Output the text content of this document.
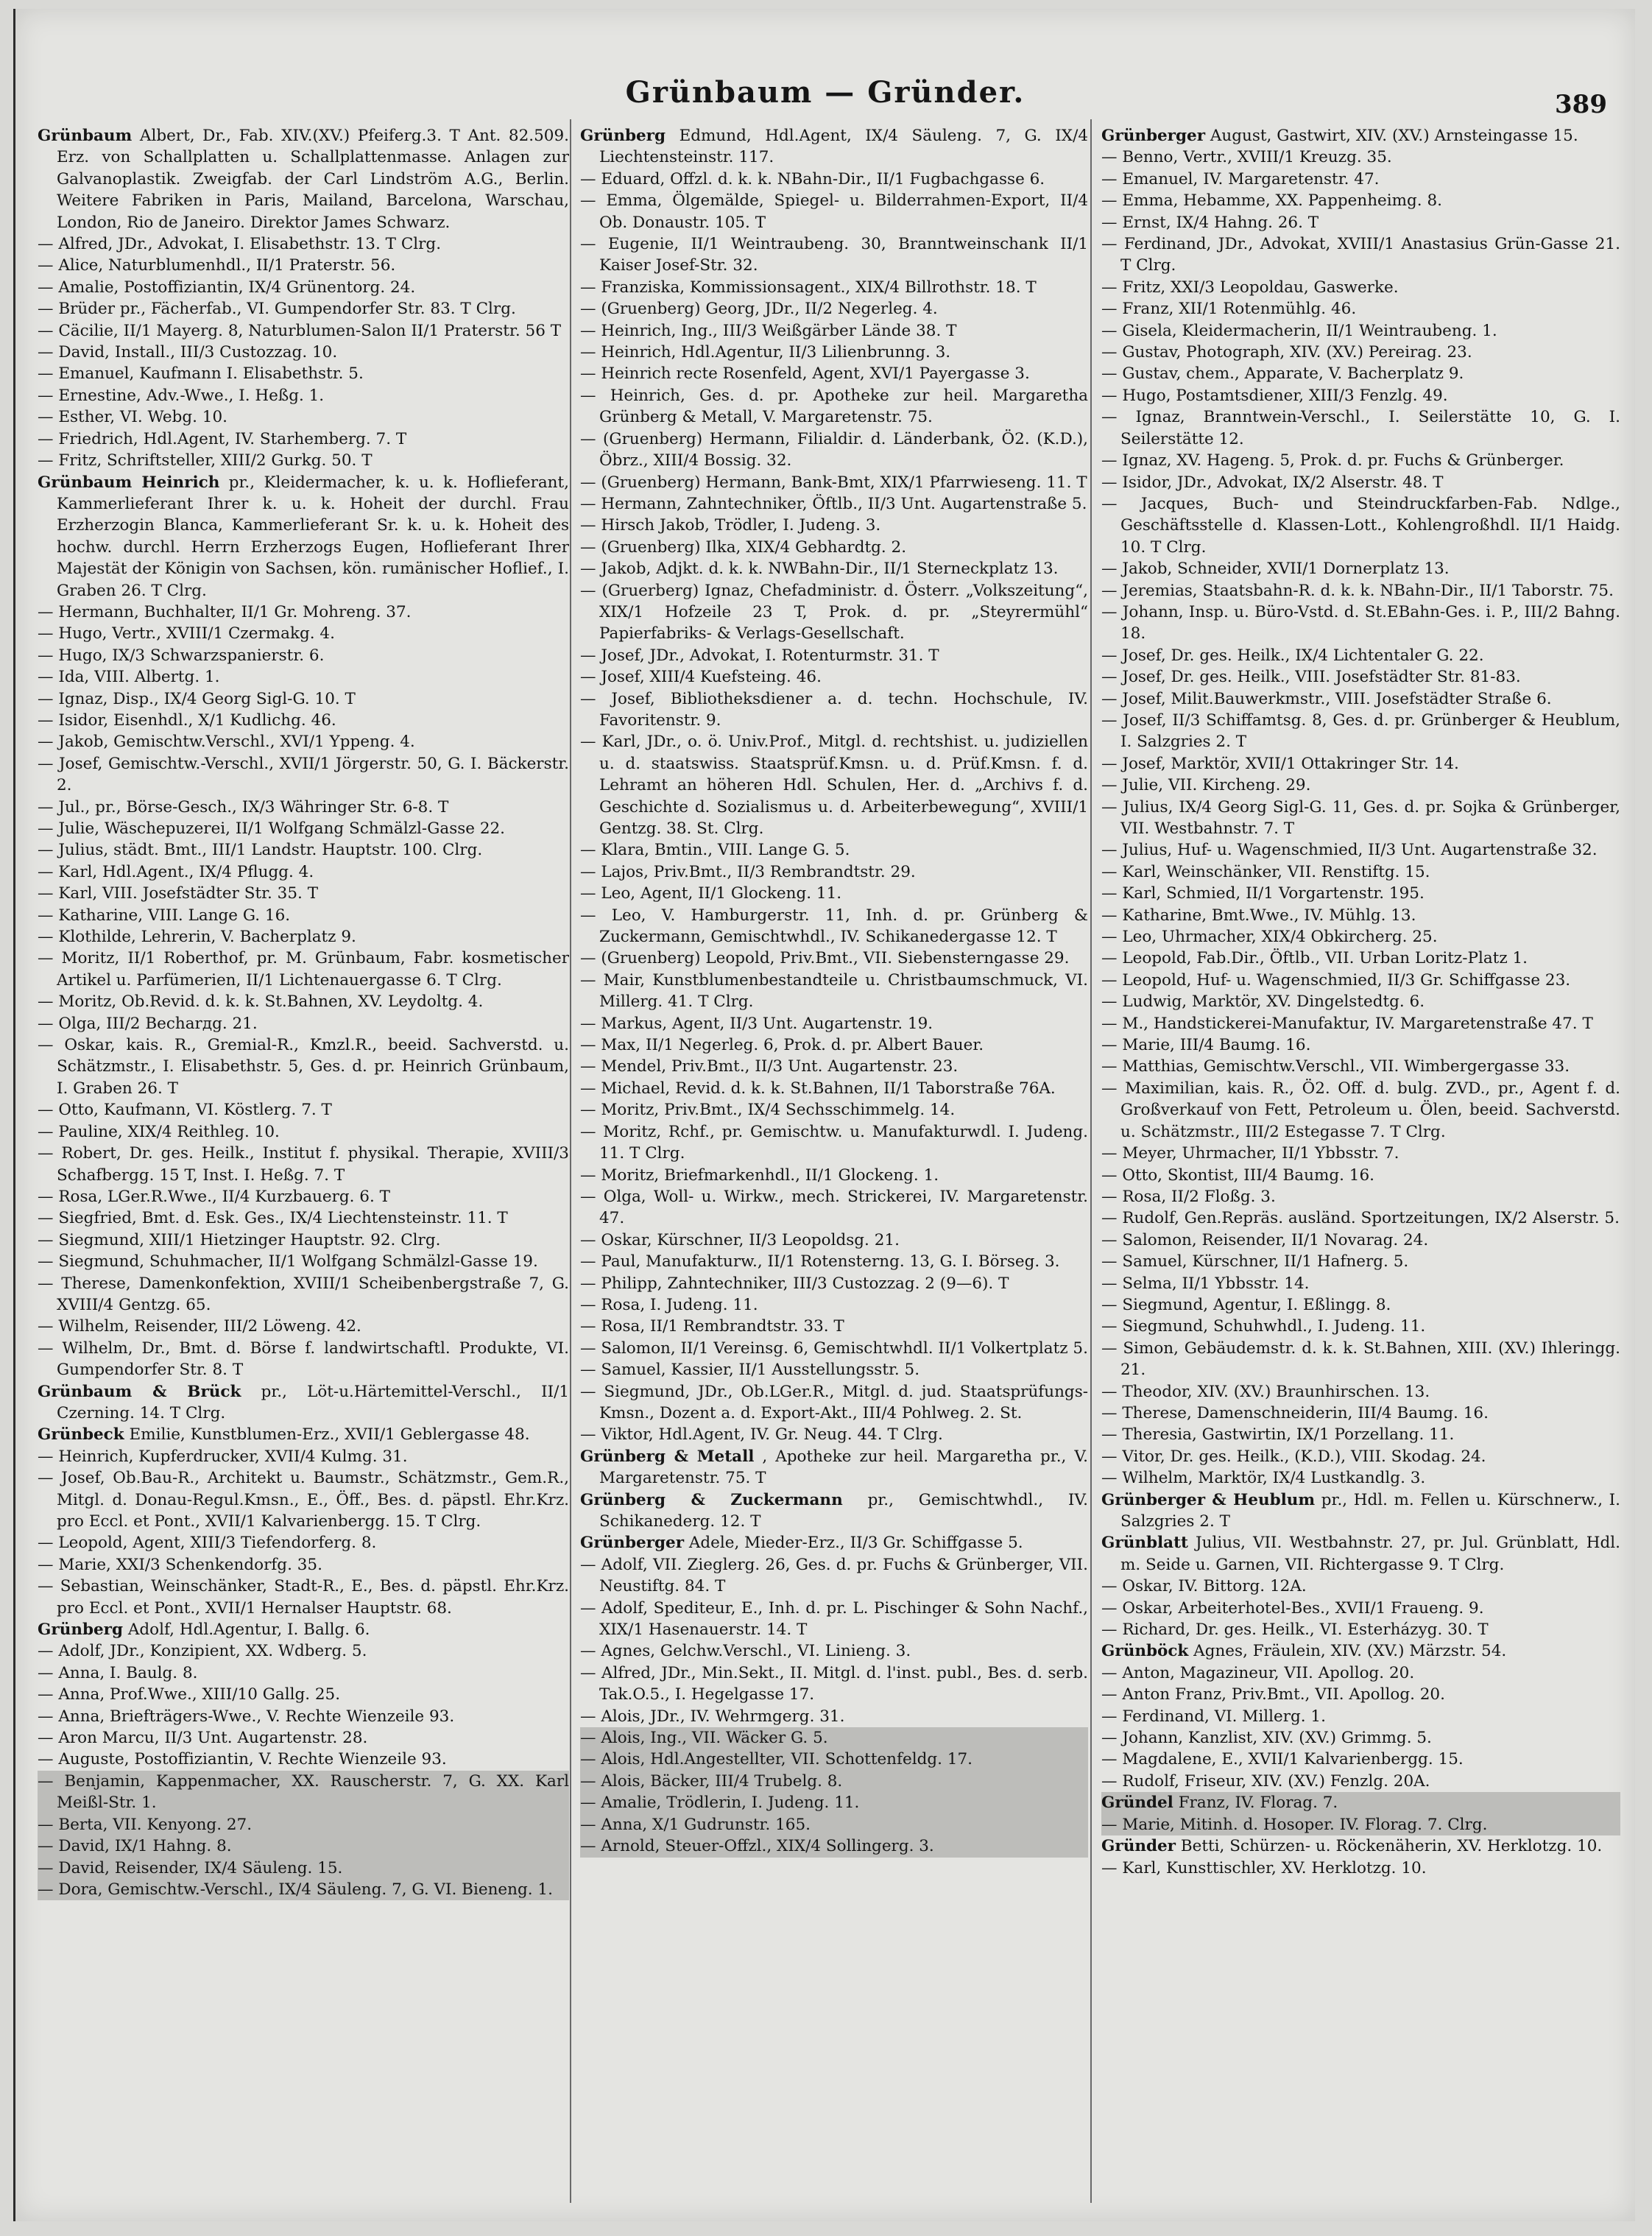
Grünbaum — Gründer.	389

Grünbaum Albert, Dr., Fab. XIV.(XV.) Pfeiferg.3. T Ant. 82.509. Erz. von Schallplatten u. Schallplattenmasse. Anlagen zur Galvanoplastik. Zweigfab. der Carl Lindström A.G., Berlin. Weitere Fabriken in Paris, Mailand, Barcelona, Warschau, London, Rio de Janeiro. Direktor James Schwarz.

— Alfred, JDr., Advokat, I. Elisabethstr. 13. T Clrg.

— Alice, Naturblumenhdl., II/1 Praterstr. 56.

— Amalie, Postoffiziantin, IX/4 Grünentorg. 24.

— Brüder pr., Fächerfab., VI. Gumpendorfer Str. 83. T Clrg.

— Cäcilie, II/1 Mayerg. 8, Naturblumen-Salon II/1 Praterstr. 56 T

— David, Install., III/3 Custozzag. 10.

— Emanuel, Kaufmann I. Elisabethstr. 5.

— Ernestine, Adv.-Wwe., I. Heßg. 1.

— Esther, VI. Webg. 10.

— Friedrich, Hdl.Agent, IV. Starhemberg. 7. T

— Fritz, Schriftsteller, XIII/2 Gurkg. 50. T

Grünbaum Heinrich pr., Kleidermacher, k. u. k. Hoflieferant, Kammerlieferant Ihrer k. u. k. Hoheit der durchl. Frau Erzherzogin Blanca, Kammerlieferant Sr. k. u. k. Hoheit des hochw. durchl. Herrn Erzherzogs Eugen, Hoflieferant Ihrer Majestät der Königin von Sachsen, kön. rumänischer Hoflief., I. Graben 26. T Clrg.

— Hermann, Buchhalter, II/1 Gr. Mohreng. 37.

— Hugo, Vertr., XVIII/1 Czermakg. 4.

— Hugo, IX/3 Schwarzspanierstr. 6.

— Ida, VIII. Albertg. 1.

— Ignaz, Disp., IX/4 Georg Sigl-G. 10. T

— Isidor, Eisenhdl., X/1 Kudlichg. 46.

— Jakob, Gemischtw.Verschl., XVI/1 Yppeng. 4.

— Josef, Gemischtw.-Verschl., XVII/1 Jörgerstr. 50, G. I. Bäckerstr. 2.

— Jul., pr., Börse-Gesch., IX/3 Währinger Str. 6-8. T

— Julie, Wäschepuzerei, II/1 Wolfgang Schmälzl-Gasse 22.

— Julius, städt. Bmt., III/1 Landstr. Hauptstr. 100. Clrg.

— Karl, Hdl.Agent., IX/4 Pflugg. 4.

— Karl, VIII. Josefstädter Str. 35. T

— Katharine, VIII. Lange G. 16.

— Klothilde, Lehrerin, V. Bacherplatz 9.

— Moritz, II/1 Roberthof, pr. M. Grünbaum, Fabr. kosmetischer Artikel u. Parfümerien, II/1 Lichtenauergasse 6. T Clrg.

— Moritz, Ob.Revid. d. k. k. St.Bahnen, XV. Leydoltg. 4.

— Olga, III/2 Becharдg. 21.

— Oskar, kais. R., Gremial-R., Kmzl.R., beeid. Sachverstd. u. Schätzmstr., I. Elisabethstr. 5, Ges. d. pr. Heinrich Grünbaum, I. Graben 26. T

— Otto, Kaufmann, VI. Köstlerg. 7. T

— Pauline, XIX/4 Reithleg. 10.

— Robert, Dr. ges. Heilk., Institut f. physikal. Therapie, XVIII/3 Schafbergg. 15 T, Inst. I. Heßg. 7. T

— Rosa, LGer.R.Wwe., II/4 Kurzbauerg. 6. T

— Siegfried, Bmt. d. Esk. Ges., IX/4 Liechtensteinstr. 11. T

— Siegmund, XIII/1 Hietzinger Hauptstr. 92. Clrg.

— Siegmund, Schuhmacher, II/1 Wolfgang Schmälzl-Gasse 19.

— Therese, Damenkonfektion, XVIII/1 Scheibenbergstraße 7, G. XVIII/4 Gentzg. 65.

— Wilhelm, Reisender, III/2 Löweng. 42.

— Wilhelm, Dr., Bmt. d. Börse f. landwirtschaftl. Produkte, VI. Gumpendorfer Str. 8. T

Grünbaum & Brück pr., Löt-u.Härtemittel-Verschl., II/1 Czerning. 14. T Clrg.

Grünbeck Emilie, Kunstblumen-Erz., XVII/1 Geblergasse 48.

— Heinrich, Kupferdrucker, XVII/4 Kulmg. 31.

— Josef, Ob.Bau-R., Architekt u. Baumstr., Schätzmstr., Gem.R., Mitgl. d. Donau-Regul.Kmsn., E., Öff., Bes. d. päpstl. Ehr.Krz. pro Eccl. et Pont., XVII/1 Kalvarienbergg. 15. T Clrg.

— Leopold, Agent, XIII/3 Tiefendorferg. 8.

— Marie, XXI/3 Schenkendorfg. 35.

— Sebastian, Weinschänker, Stadt-R., E., Bes. d. päpstl. Ehr.Krz. pro Eccl. et Pont., XVII/1 Hernalser Hauptstr. 68.

Grünberg Adolf, Hdl.Agentur, I. Ballg. 6.

— Adolf, JDr., Konzipient, XX. Wdberg. 5.

— Anna, I. Baulg. 8.

— Anna, Prof.Wwe., XIII/10 Gallg. 25.

— Anna, Briefträgers-Wwe., V. Rechte Wienzeile 93.

— Aron Marcu, II/3 Unt. Augartenstr. 28.

— Auguste, Postoffiziantin, V. Rechte Wienzeile 93.

— Benjamin, Kappenmacher, XX. Rauscherstr. 7, G. XX. Karl Meißl-Str. 1.

— Berta, VII. Kenyong. 27.

— David, IX/1 Hahng. 8.

— David, Reisender, IX/4 Säuleng. 15.

— Dora, Gemischtw.-Verschl., IX/4 Säuleng. 7, G. VI. Bieneng. 1.

Grünberg Edmund, Hdl.Agent, IX/4 Säuleng. 7, G. IX/4 Liechtensteinstr. 117.

— Eduard, Offzl. d. k. k. NBahn-Dir., II/1 Fugbachgasse 6.

— Emma, Ölgemälde, Spiegel- u. Bilderrahmen-Export, II/4 Ob. Donaustr. 105. T

— Eugenie, II/1 Weintraubeng. 30, Branntweinschank II/1 Kaiser Josef-Str. 32.

— Franziska, Kommissionsagent., XIX/4 Billrothstr. 18. T

— (Gruenberg) Georg, JDr., II/2 Negerleg. 4.

— Heinrich, Ing., III/3 Weißgärber Lände 38. T

— Heinrich, Hdl.Agentur, II/3 Lilienbrunng. 3.

— Heinrich recte Rosenfeld, Agent, XVI/1 Payergasse 3.

— Heinrich, Ges. d. pr. Apotheke zur heil. Margaretha Grünberg & Metall, V. Margaretenstr. 75.

— (Gruenberg) Hermann, Filialdir. d. Länderbank, Ö2. (K.D.), Öbrz., XIII/4 Bossig. 32.

— (Gruenberg) Hermann, Bank-Bmt, XIX/1 Pfarrwieseng. 11. T

— Hermann, Zahntechniker, Öftlb., II/3 Unt. Augartenstraße 5.

— Hirsch Jakob, Trödler, I. Judeng. 3.

— (Gruenberg) Ilka, XIX/4 Gebhardtg. 2.

— Jakob, Adjkt. d. k. k. NWBahn-Dir., II/1 Sterneckplatz 13.

— (Gruerberg) Ignaz, Chefadministr. d. Österr. „Volkszeitung“, XIX/1 Hofzeile 23 T, Prok. d. pr. „Steyrermühl“ Papierfabriks- & Verlags-Gesellschaft.

— Josef, JDr., Advokat, I. Rotenturmstr. 31. T

— Josef, XIII/4 Kuefsteing. 46.

— Josef, Bibliotheksdiener a. d. techn. Hochschule, IV. Favoritenstr. 9.

— Karl, JDr., o. ö. Univ.Prof., Mitgl. d. rechtshist. u. judiziellen u. d. staatswiss. Staatsprüf.Kmsn. u. d. Prüf.Kmsn. f. d. Lehramt an höheren Hdl. Schulen, Her. d. „Archivs f. d. Geschichte d. Sozialismus u. d. Arbeiterbewegung“, XVIII/1 Gentzg. 38. St. Clrg.

— Klara, Bmtin., VIII. Lange G. 5.

— Lajos, Priv.Bmt., II/3 Rembrandtstr. 29.

— Leo, Agent, II/1 Glockeng. 11.

— Leo, V. Hamburgerstr. 11, Inh. d. pr. Grünberg & Zuckermann, Gemischtwhdl., IV. Schikanedergasse 12. T

— (Gruenberg) Leopold, Priv.Bmt., VII. Siebensterngasse 29.

— Mair, Kunstblumenbestandteile u. Christbaumschmuck, VI. Millerg. 41. T Clrg.

— Markus, Agent, II/3 Unt. Augartenstr. 19.

— Max, II/1 Negerleg. 6, Prok. d. pr. Albert Bauer.

— Mendel, Priv.Bmt., II/3 Unt. Augartenstr. 23.

— Michael, Revid. d. k. k. St.Bahnen, II/1 Taborstraße 76A.

— Moritz, Priv.Bmt., IX/4 Sechsschimmelg. 14.

— Moritz, Rchf., pr. Gemischtw. u. Manufakturwdl. I. Judeng. 11. T Clrg.

— Moritz, Briefmarkenhdl., II/1 Glockeng. 1.

— Olga, Woll- u. Wirkw., mech. Strickerei, IV. Margaretenstr. 47.

— Oskar, Kürschner, II/3 Leopoldsg. 21.

— Paul, Manufakturw., II/1 Rotensterng. 13, G. I. Börseg. 3.

— Philipp, Zahntechniker, III/3 Custozzag. 2 (9—6). T

— Rosa, I. Judeng. 11.

— Rosa, II/1 Rembrandtstr. 33. T

— Salomon, II/1 Vereinsg. 6, Gemischtwhdl. II/1 Volkertplatz 5.

— Samuel, Kassier, II/1 Ausstellungsstr. 5.

— Siegmund, JDr., Ob.LGer.R., Mitgl. d. jud. Staatsprüfungs-Kmsn., Dozent a. d. Export-Akt., III/4 Pohlweg. 2. St.

— Viktor, Hdl.Agent, IV. Gr. Neug. 44. T Clrg.

Grünberg & Metall , Apotheke zur heil. Margaretha pr., V. Margaretenstr. 75. T

Grünberg & Zuckermann pr., Gemischtwhdl., IV. Schikanederg. 12. T

Grünberger Adele, Mieder-Erz., II/3 Gr. Schiffgasse 5.

— Adolf, VII. Zieglerg. 26, Ges. d. pr. Fuchs & Grünberger, VII. Neustiftg. 84. T

— Adolf, Spediteur, E., Inh. d. pr. L. Pischinger & Sohn Nachf., XIX/1 Hasenauerstr. 14. T

— Agnes, Gelchw.Verschl., VI. Linieng. 3.

— Alfred, JDr., Min.Sekt., II. Mitgl. d. l'inst. publ., Bes. d. serb. Tak.O.5., I. Hegelgasse 17.

— Alois, JDr., IV. Wehrmgerg. 31.

— Alois, Ing., VII. Wäcker G. 5.

— Alois, Hdl.Angestellter, VII. Schottenfeldg. 17.

— Alois, Bäcker, III/4 Trubelg. 8.

— Amalie, Trödlerin, I. Judeng. 11.

— Anna, X/1 Gudrunstr. 165.

— Arnold, Steuer-Offzl., XIX/4 Sollingerg. 3.

Grünberger August, Gastwirt, XIV. (XV.) Arnsteingasse 15.

— Benno, Vertr., XVIII/1 Kreuzg. 35.

— Emanuel, IV. Margaretenstr. 47.

— Emma, Hebamme, XX. Pappenheimg. 8.

— Ernst, IX/4 Hahng. 26. T

— Ferdinand, JDr., Advokat, XVIII/1 Anastasius Grün-Gasse 21. T Clrg.

— Fritz, XXI/3 Leopoldau, Gaswerke.

— Franz, XII/1 Rotenmühlg. 46.

— Gisela, Kleidermacherin, II/1 Weintraubeng. 1.

— Gustav, Photograph, XIV. (XV.) Pereirag. 23.

— Gustav, chem., Apparate, V. Bacherplatz 9.

— Hugo, Postamtsdiener, XIII/3 Fenzlg. 49.

— Ignaz, Branntwein-Verschl., I. Seilerstätte 10, G. I. Seilerstätte 12.

— Ignaz, XV. Hageng. 5, Prok. d. pr. Fuchs & Grünberger.

— Isidor, JDr., Advokat, IX/2 Alserstr. 48. T

— Jacques, Buch- und Steindruckfarben-Fab. Ndlge., Geschäftsstelle d. Klassen-Lott., Kohlengroßhdl. II/1 Haidg. 10. T Clrg.

— Jakob, Schneider, XVII/1 Dornerplatz 13.

— Jeremias, Staatsbahn-R. d. k. k. NBahn-Dir., II/1 Taborstr. 75.

— Johann, Insp. u. Büro-Vstd. d. St.EBahn-Ges. i. P., III/2 Bahng. 18.

— Josef, Dr. ges. Heilk., IX/4 Lichtentaler G. 22.

— Josef, Dr. ges. Heilk., VIII. Josefstädter Str. 81-83.

— Josef, Milit.Bauwerkmstr., VIII. Josefstädter Straße 6.

— Josef, II/3 Schiffamtsg. 8, Ges. d. pr. Grünberger & Heublum, I. Salzgries 2. T

— Josef, Marktör, XVII/1 Ottakringer Str. 14.

— Julie, VII. Kircheng. 29.

— Julius, IX/4 Georg Sigl-G. 11, Ges. d. pr. Sojka & Grünberger, VII. Westbahnstr. 7. T

— Julius, Huf- u. Wagenschmied, II/3 Unt. Augartenstraße 32.

— Karl, Weinschänker, VII. Renstiftg. 15.

— Karl, Schmied, II/1 Vorgartenstr. 195.

— Katharine, Bmt.Wwe., IV. Mühlg. 13.

— Leo, Uhrmacher, XIX/4 Obkircherg. 25.

— Leopold, Fab.Dir., Öftlb., VII. Urban Loritz-Platz 1.

— Leopold, Huf- u. Wagenschmied, II/3 Gr. Schiffgasse 23.

— Ludwig, Marktör, XV. Dingelstedtg. 6.

— M., Handstickerei-Manufaktur, IV. Margaretenstraße 47. T

— Marie, III/4 Baumg. 16.

— Matthias, Gemischtw.Verschl., VII. Wimbergergasse 33.

— Maximilian, kais. R., Ö2. Off. d. bulg. ZVD., pr., Agent f. d. Großverkauf von Fett, Petroleum u. Ölen, beeid. Sachverstd. u. Schätzmstr., III/2 Estegasse 7. T Clrg.

— Meyer, Uhrmacher, II/1 Ybbsstr. 7.

— Otto, Skontist, III/4 Baumg. 16.

— Rosa, II/2 Floßg. 3.

— Rudolf, Gen.Repräs. ausländ. Sportzeitungen, IX/2 Alserstr. 5.

— Salomon, Reisender, II/1 Novarag. 24.

— Samuel, Kürschner, II/1 Hafnerg. 5.

— Selma, II/1 Ybbsstr. 14.

— Siegmund, Agentur, I. Eßlingg. 8.

— Siegmund, Schuhwhdl., I. Judeng. 11.

— Simon, Gebäudemstr. d. k. k. St.Bahnen, XIII. (XV.) Ihleringg. 21.

— Theodor, XIV. (XV.) Braunhirschen. 13.

— Therese, Damenschneiderin, III/4 Baumg. 16.

— Theresia, Gastwirtin, IX/1 Porzellang. 11.

— Vitor, Dr. ges. Heilk., (K.D.), VIII. Skodag. 24.

— Wilhelm, Marktör, IX/4 Lustkandlg. 3.

Grünberger & Heublum pr., Hdl. m. Fellen u. Kürschnerw., I. Salzgries 2. T

Grünblatt Julius, VII. Westbahnstr. 27, pr. Jul. Grünblatt, Hdl. m. Seide u. Garnen, VII. Richtergasse 9. T Clrg.

— Oskar, IV. Bittorg. 12A.

— Oskar, Arbeiterhotel-Bes., XVII/1 Fraueng. 9.

— Richard, Dr. ges. Heilk., VI. Esterházyg. 30. T

Grünböck Agnes, Fräulein, XIV. (XV.) Märzstr. 54.

— Anton, Magazineur, VII. Apollog. 20.

— Anton Franz, Priv.Bmt., VII. Apollog. 20.

— Ferdinand, VI. Millerg. 1.

— Johann, Kanzlist, XIV. (XV.) Grimmg. 5.

— Magdalene, E., XVII/1 Kalvarienbergg. 15.

— Rudolf, Friseur, XIV. (XV.) Fenzlg. 20A.

Gründel Franz, IV. Florag. 7.

— Marie, Mitinh. d. Hosoper. IV. Florag. 7. Clrg.

Gründer Betti, Schürzen- u. Röckenäherin, XV. Herklotzg. 10.

— Karl, Kunsttischler, XV. Herklotzg. 10.
